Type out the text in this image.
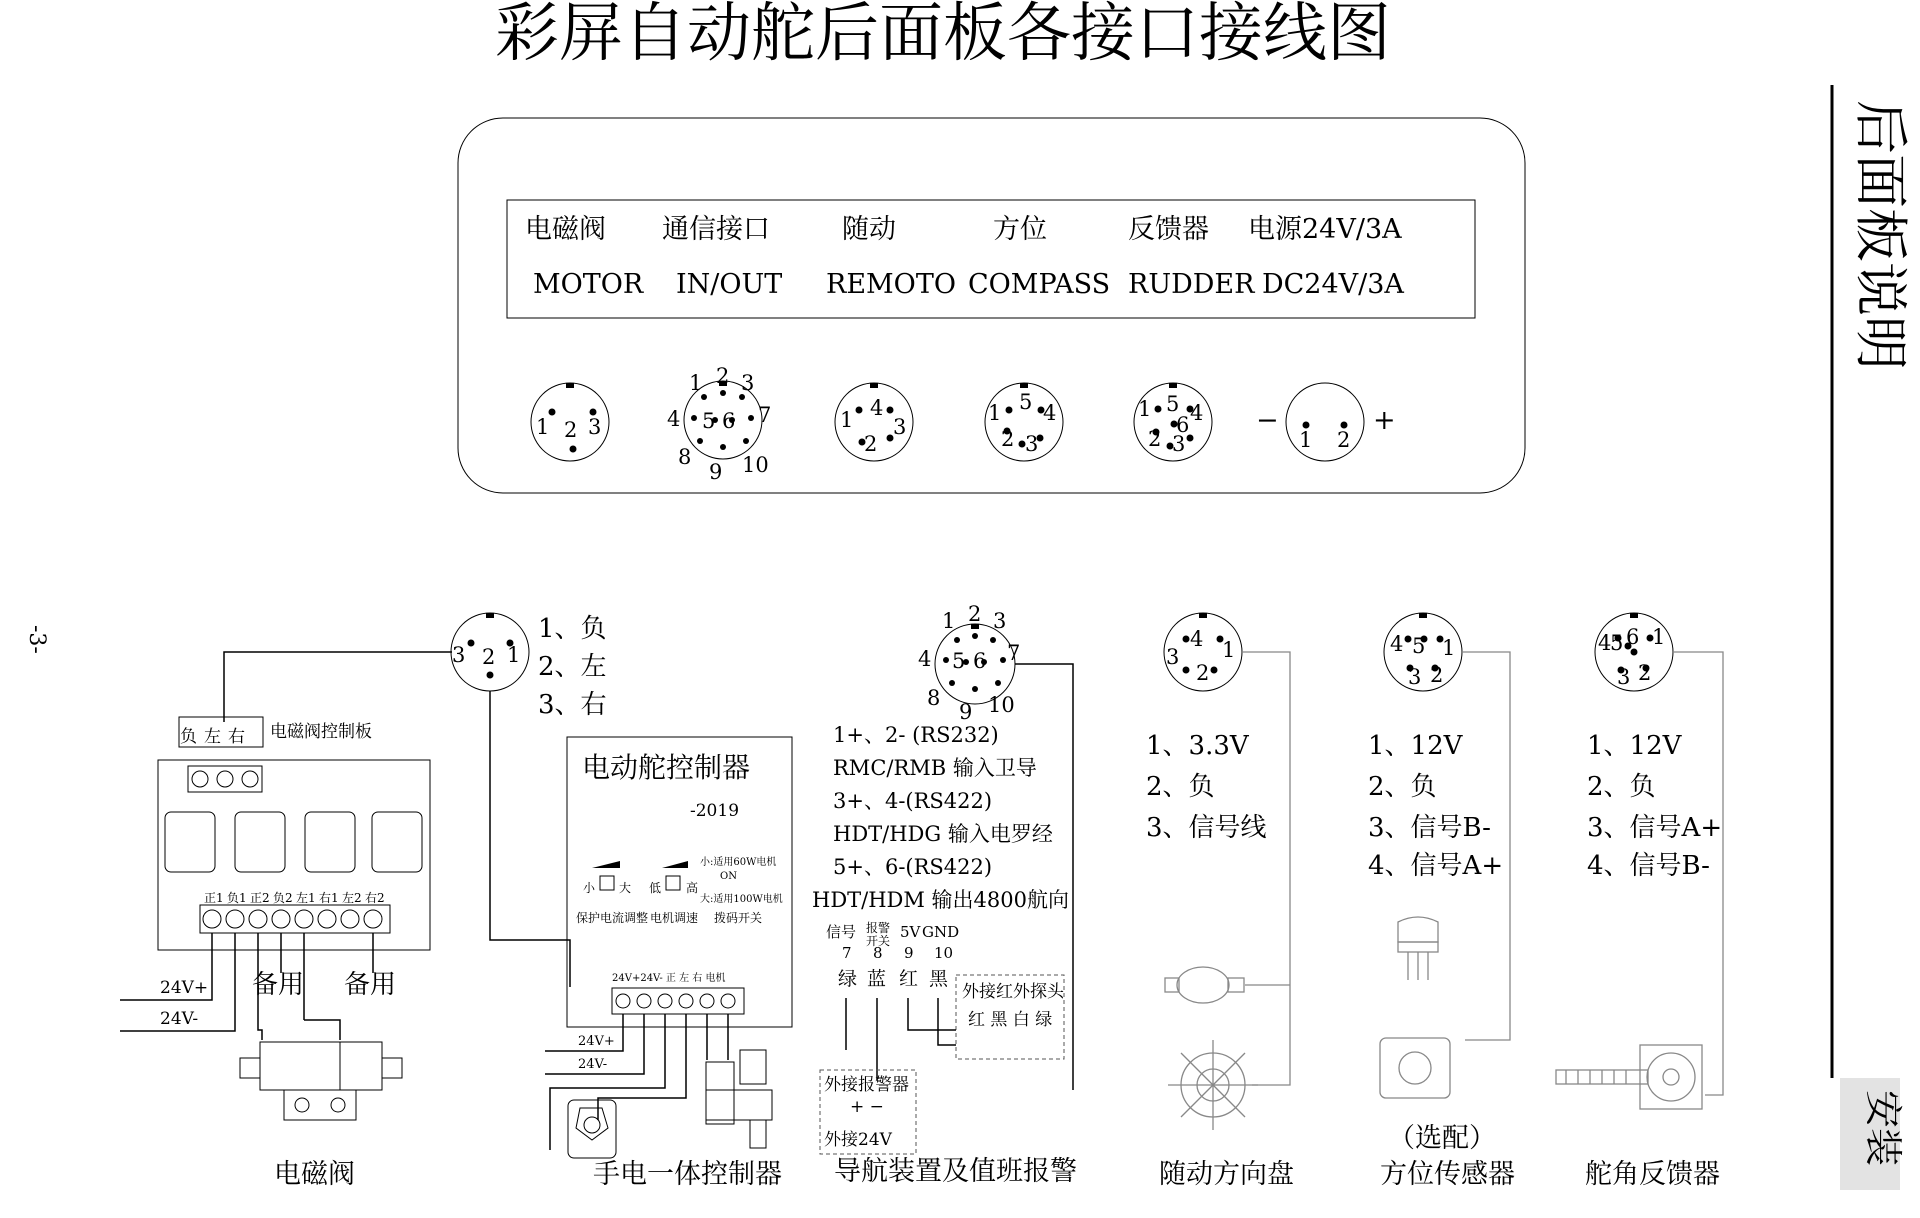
彩屏自动舵后面板各接口接线图
后面板说明
安装
-3-
电磁阀
MOTOR
通信接口
IN/OUT
随动
REMOTO
方位
COMPASS
反馈器
RUDDER
电源24V/3A
DC24V/3A
1 2 3
1 2 3
4 5 6 7
8
9 10
1
2
3
4	1
2 3
4
5	1
2 3
4
5
6
1 2
−	+
3 2 1
1、负
2、左
3、右
电磁阀控制板
负 左 右
正1 负1 正2 负2 左1 右1 左2 右2
24V+
24V-
备用 备用
电磁阀
电动舵控制器
-2019
小 大 低 高
保护电流调整 电机调速
小:适用60W电机
ON
大:适用100W电机
拨码开关
24V+24V- 正 左 右 电机
24V+
24V-
手电一体控制器
1 2 3
4 5 6 7
8
9 10
1+、2- (RS232)
RMC/RMB 输入卫导
3+、4-(RS422)
HDT/HDG 输入电罗经
5+、6-(RS422)
HDT/HDM 输出4800航向
信号 报警
开关 5V GND
7 8 9 10
绿 蓝 红 黑
外接红外探头
红 黑 白 绿
外接报警器
+ −
外接24V
导航装置及值班报警
1
2
3
4
1、3.3V
2、负
3、信号线
随动方向盘
1
2
3
4 5
1、12V
2、负
3、信号B-
4、信号A+
（选配）
方位传感器
1
2
3
4
5 6
1、12V
2、负
3、信号A+
4、信号B-
舵角反馈器
